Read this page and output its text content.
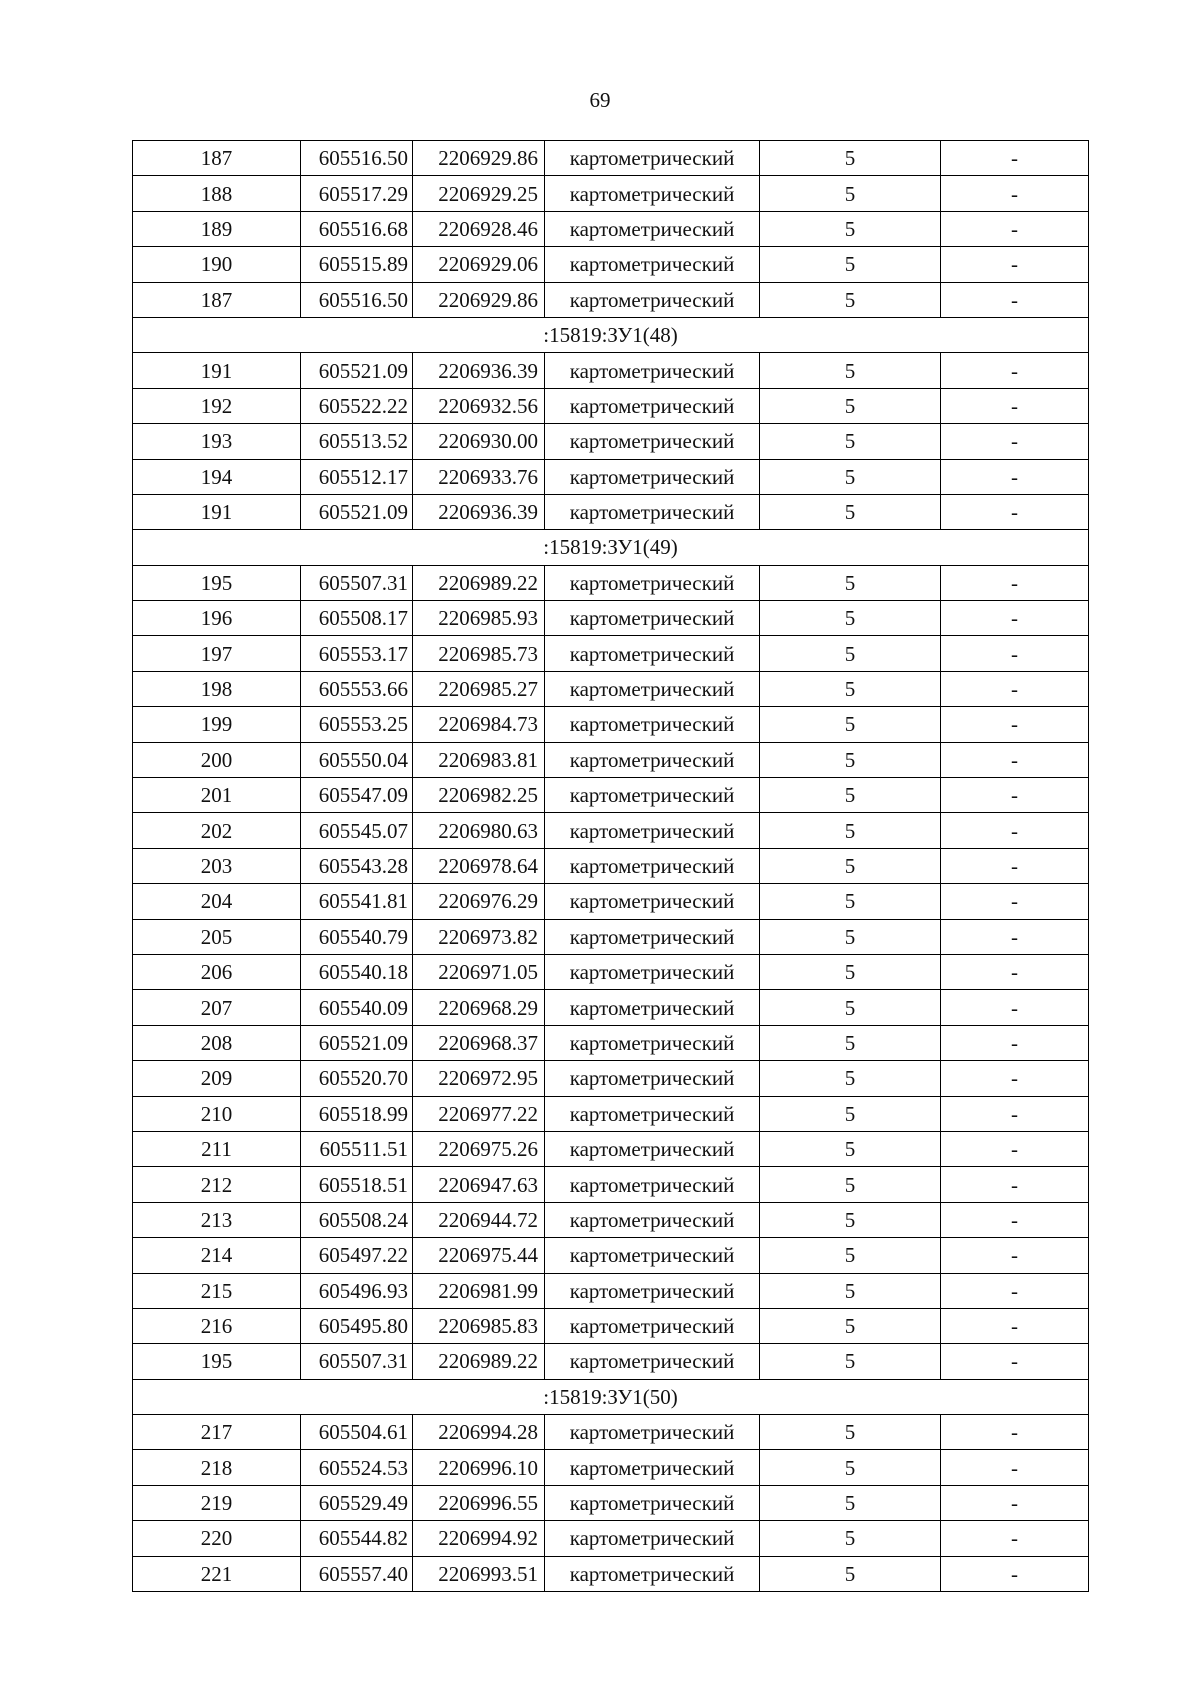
69
187	605516.50	2206929.86	картометрический	5	-
188	605517.29	2206929.25	картометрический	5	-
189	605516.68	2206928.46	картометрический	5	-
190	605515.89	2206929.06	картометрический	5	-
187	605516.50	2206929.86	картометрический	5	-
:15819:ЗУ1(48)					
191	605521.09	2206936.39	картометрический	5	-
192	605522.22	2206932.56	картометрический	5	-
193	605513.52	2206930.00	картометрический	5	-
194	605512.17	2206933.76	картометрический	5	-
191	605521.09	2206936.39	картометрический	5	-
:15819:ЗУ1(49)					
195	605507.31	2206989.22	картометрический	5	-
196	605508.17	2206985.93	картометрический	5	-
197	605553.17	2206985.73	картометрический	5	-
198	605553.66	2206985.27	картометрический	5	-
199	605553.25	2206984.73	картометрический	5	-
200	605550.04	2206983.81	картометрический	5	-
201	605547.09	2206982.25	картометрический	5	-
202	605545.07	2206980.63	картометрический	5	-
203	605543.28	2206978.64	картометрический	5	-
204	605541.81	2206976.29	картометрический	5	-
205	605540.79	2206973.82	картометрический	5	-
206	605540.18	2206971.05	картометрический	5	-
207	605540.09	2206968.29	картометрический	5	-
208	605521.09	2206968.37	картометрический	5	-
209	605520.70	2206972.95	картометрический	5	-
210	605518.99	2206977.22	картометрический	5	-
211	605511.51	2206975.26	картометрический	5	-
212	605518.51	2206947.63	картометрический	5	-
213	605508.24	2206944.72	картометрический	5	-
214	605497.22	2206975.44	картометрический	5	-
215	605496.93	2206981.99	картометрический	5	-
216	605495.80	2206985.83	картометрический	5	-
195	605507.31	2206989.22	картометрический	5	-
:15819:ЗУ1(50)					
217	605504.61	2206994.28	картометрический	5	-
218	605524.53	2206996.10	картометрический	5	-
219	605529.49	2206996.55	картометрический	5	-
220	605544.82	2206994.92	картометрический	5	-
221	605557.40	2206993.51	картометрический	5	-
